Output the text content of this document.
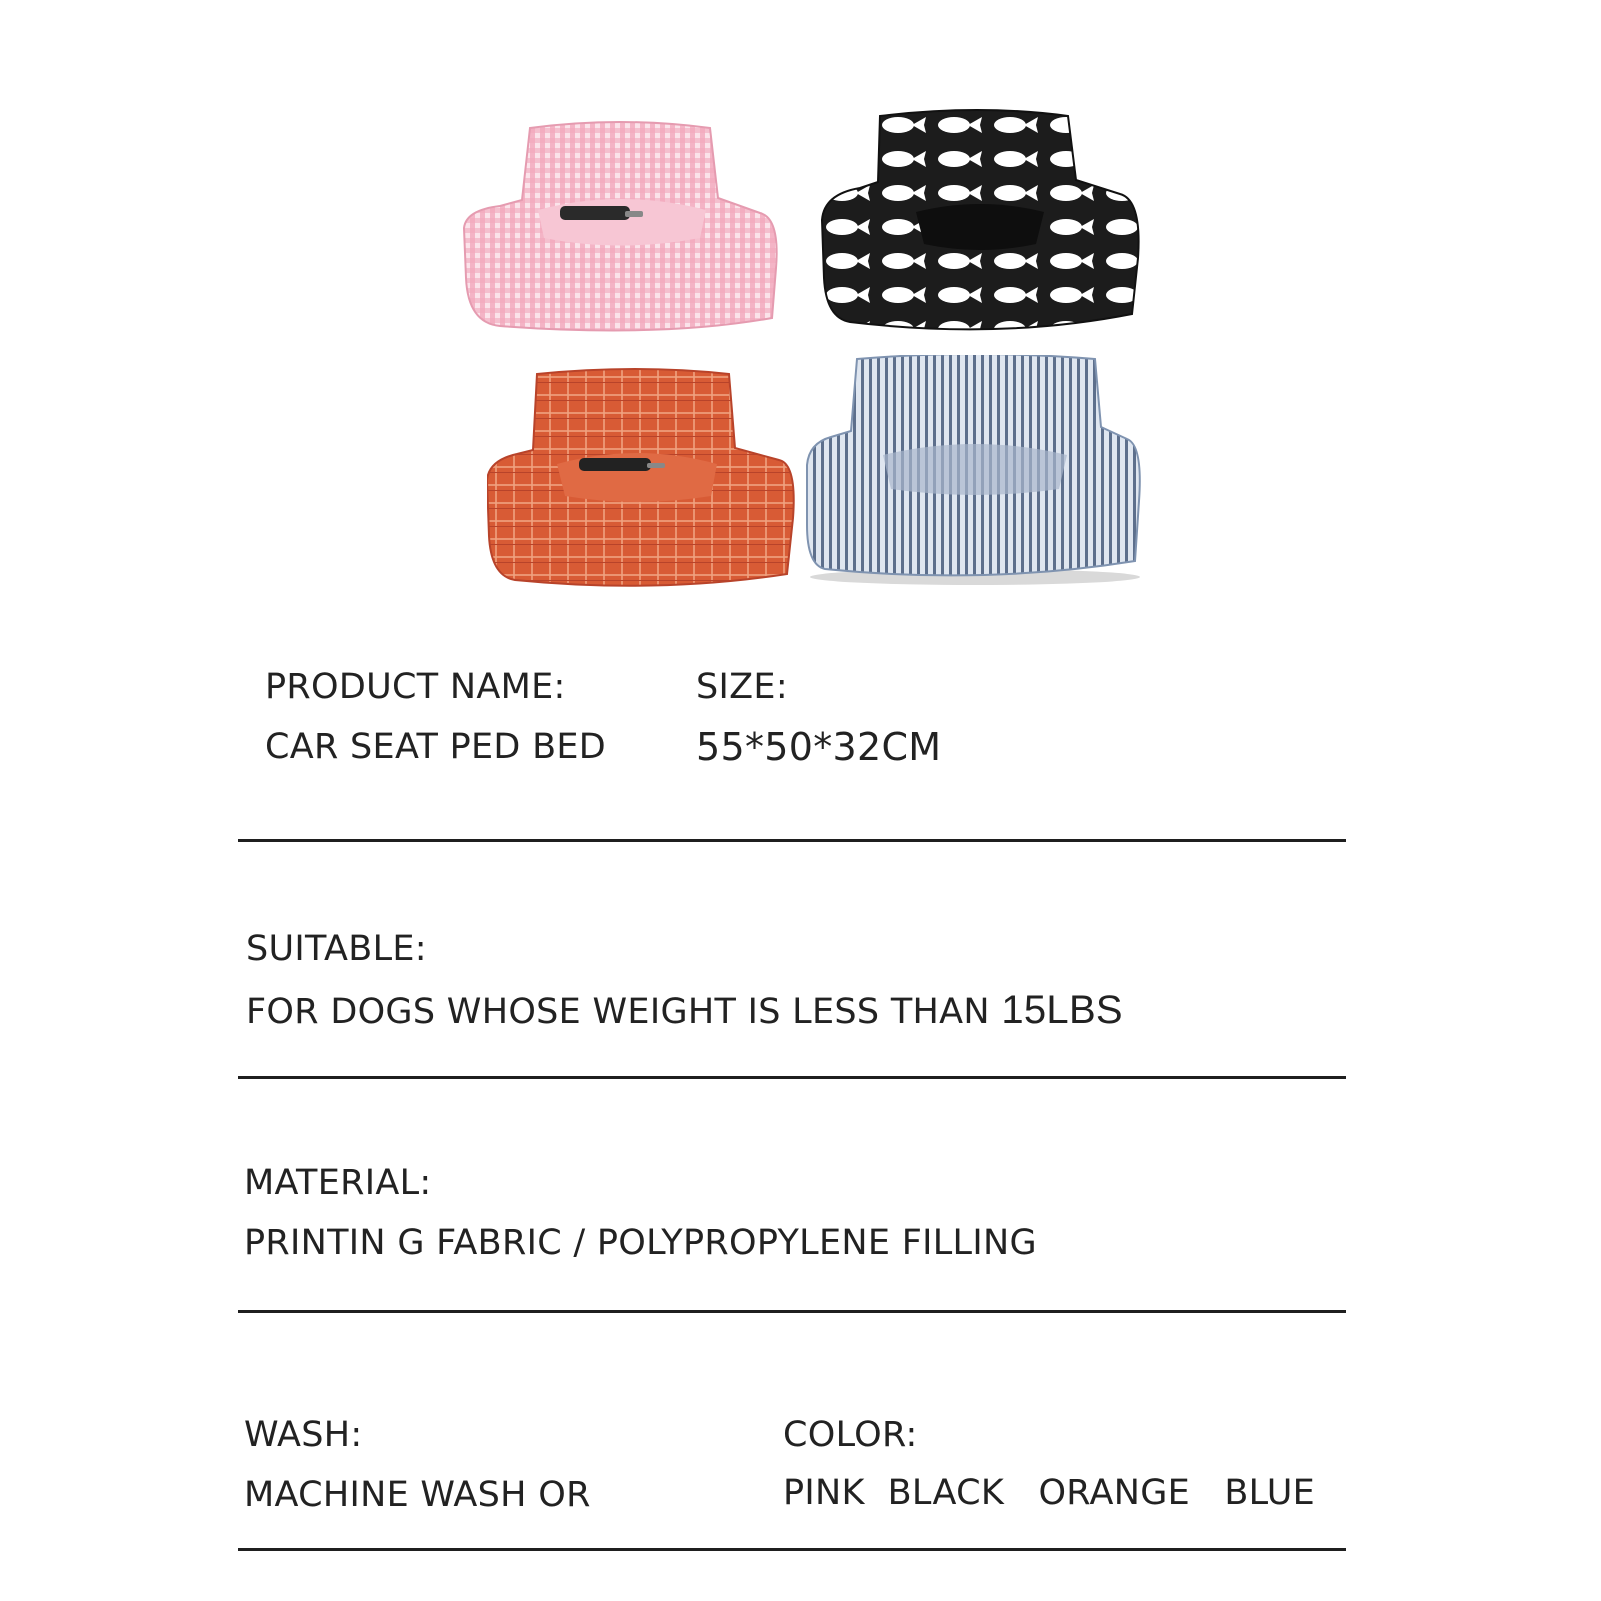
PRODUCT NAME:
CAR SEAT PED BED
SIZE:
55*50*32CM
SUITABLE:
FOR DOGS WHOSE WEIGHT IS LESS THAN 15LBS
MATERIAL:
PRINTIN G FABRIC / POLYPROPYLENE FILLING
WASH:
MACHINE WASH OR
COLOR:
PINK BLACK ORANGE BLUE
